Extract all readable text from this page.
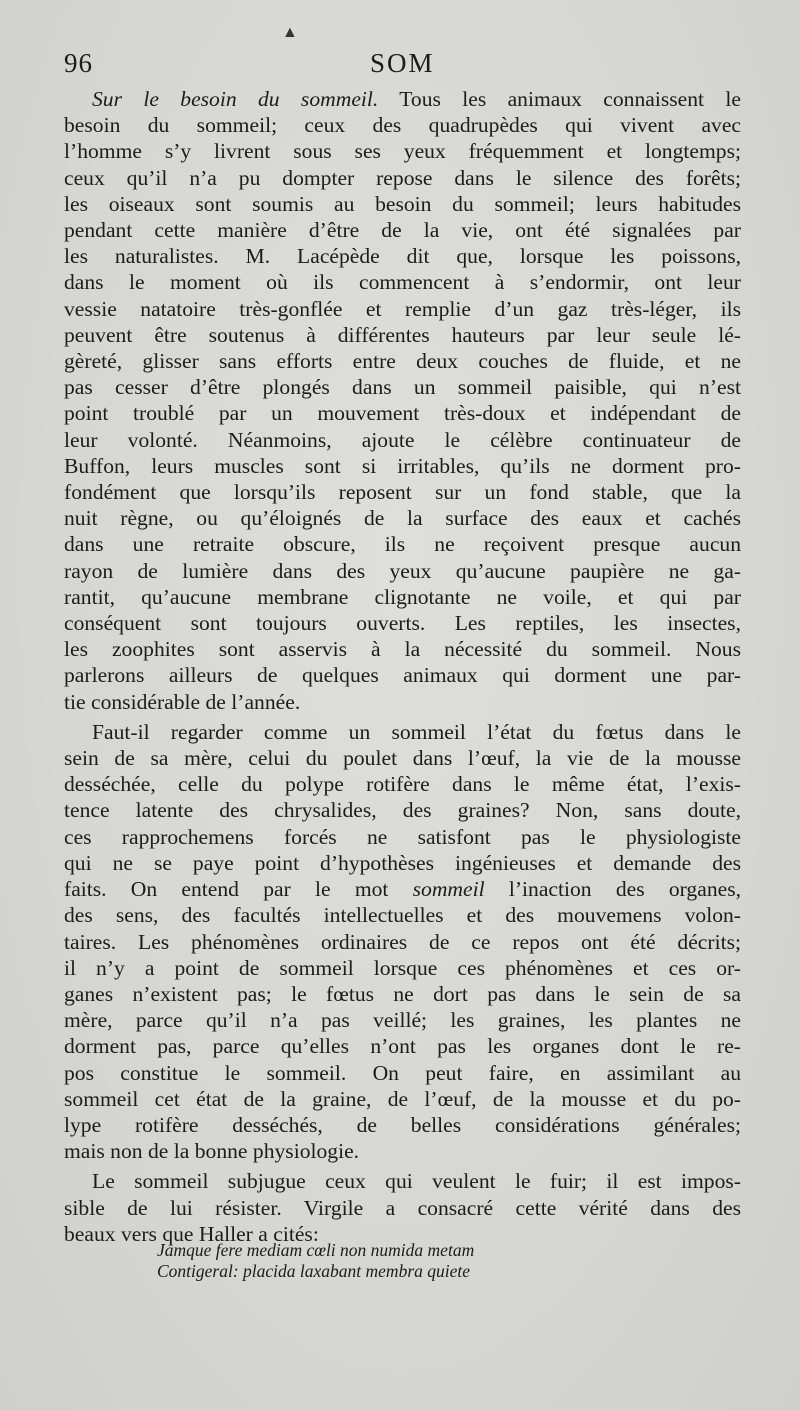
▲
96	SOM
Sur le besoin du sommeil. Tous les animaux connaissent le
besoin du sommeil; ceux des quadrupèdes qui vivent avec
l’homme s’y livrent sous ses yeux fréquemment et longtemps;
ceux qu’il n’a pu dompter repose dans le silence des forêts;
les oiseaux sont soumis au besoin du sommeil; leurs habitudes
pendant cette manière d’être de la vie, ont été signalées par
les naturalistes. M. Lacépède dit que, lorsque les poissons,
dans le moment où ils commencent à s’endormir, ont leur
vessie natatoire très-gonflée et remplie d’un gaz très-léger, ils
peuvent être soutenus à différentes hauteurs par leur seule lé-
gèreté, glisser sans efforts entre deux couches de fluide, et ne
pas cesser d’être plongés dans un sommeil paisible, qui n’est
point troublé par un mouvement très-doux et indépendant de
leur volonté. Néanmoins, ajoute le célèbre continuateur de
Buffon, leurs muscles sont si irritables, qu’ils ne dorment pro-
fondément que lorsqu’ils reposent sur un fond stable, que la
nuit règne, ou qu’éloignés de la surface des eaux et cachés
dans une retraite obscure, ils ne reçoivent presque aucun
rayon de lumière dans des yeux qu’aucune paupière ne ga-
rantit, qu’aucune membrane clignotante ne voile, et qui par
conséquent sont toujours ouverts. Les reptiles, les insectes,
les zoophites sont asservis à la nécessité du sommeil. Nous
parlerons ailleurs de quelques animaux qui dorment une par-
tie considérable de l’année.
Faut-il regarder comme un sommeil l’état du fœtus dans le
sein de sa mère, celui du poulet dans l’œuf, la vie de la mousse
desséchée, celle du polype rotifère dans le même état, l’exis-
tence latente des chrysalides, des graines? Non, sans doute,
ces rapprochemens forcés ne satisfont pas le physiologiste
qui ne se paye point d’hypothèses ingénieuses et demande des
faits. On entend par le mot sommeil l’inaction des organes,
des sens, des facultés intellectuelles et des mouvemens volon-
taires. Les phénomènes ordinaires de ce repos ont été décrits;
il n’y a point de sommeil lorsque ces phénomènes et ces or-
ganes n’existent pas; le fœtus ne dort pas dans le sein de sa
mère, parce qu’il n’a pas veillé; les graines, les plantes ne
dorment pas, parce qu’elles n’ont pas les organes dont le re-
pos constitue le sommeil. On peut faire, en assimilant au
sommeil cet état de la graine, de l’œuf, de la mousse et du po-
lype rotifère desséchés, de belles considérations générales;
mais non de la bonne physiologie.
Le sommeil subjugue ceux qui veulent le fuir; il est impos-
sible de lui résister. Virgile a consacré cette vérité dans des
beaux vers que Haller a cités:
Jamque fere mediam cœli non numida metam
Contigeral: placida laxabant membra quiete
